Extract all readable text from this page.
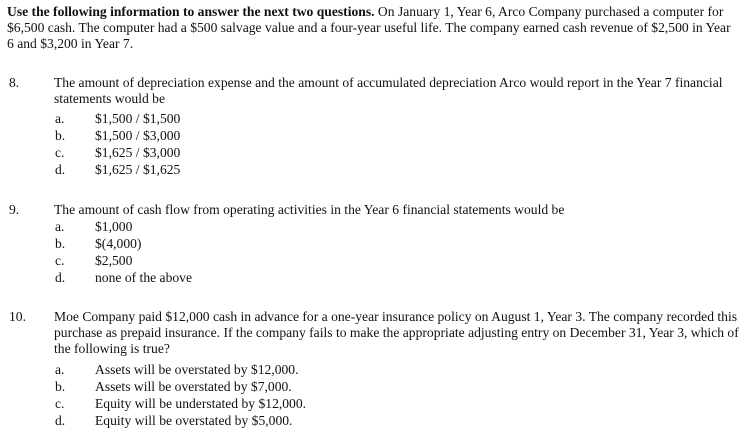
Use the following information to answer the next two questions. On January 1, Year 6, Arco Company purchased a computer for $6,500 cash. The computer had a $500 salvage value and a four-year useful life. The company earned cash revenue of $2,500 in Year 6 and $3,200 in Year 7.

8.	The amount of depreciation expense and the amount of accumulated depreciation Arco would report in the Year 7 financial statements would be

a. $1,500 / $1,500
b. $1,500 / $3,000
c. $1,625 / $3,000
d. $1,625 / $1,625
9.	The amount of cash flow from operating activities in the Year 6 financial statements would be

a. $1,000
b. $(4,000)
c. $2,500
d. none of the above
10. Moe Company paid $12,000 cash in advance for a one-year insurance policy on August 1, Year 3. The company recorded this purchase as prepaid insurance. If the company fails to make the appropriate adjusting entry on December 31, Year 3, which of the following is true?

a. Assets will be overstated by $12,000.
b. Assets will be overstated by $7,000.
c. Equity will be understated by $12,000.
d. Equity will be overstated by $5,000.
